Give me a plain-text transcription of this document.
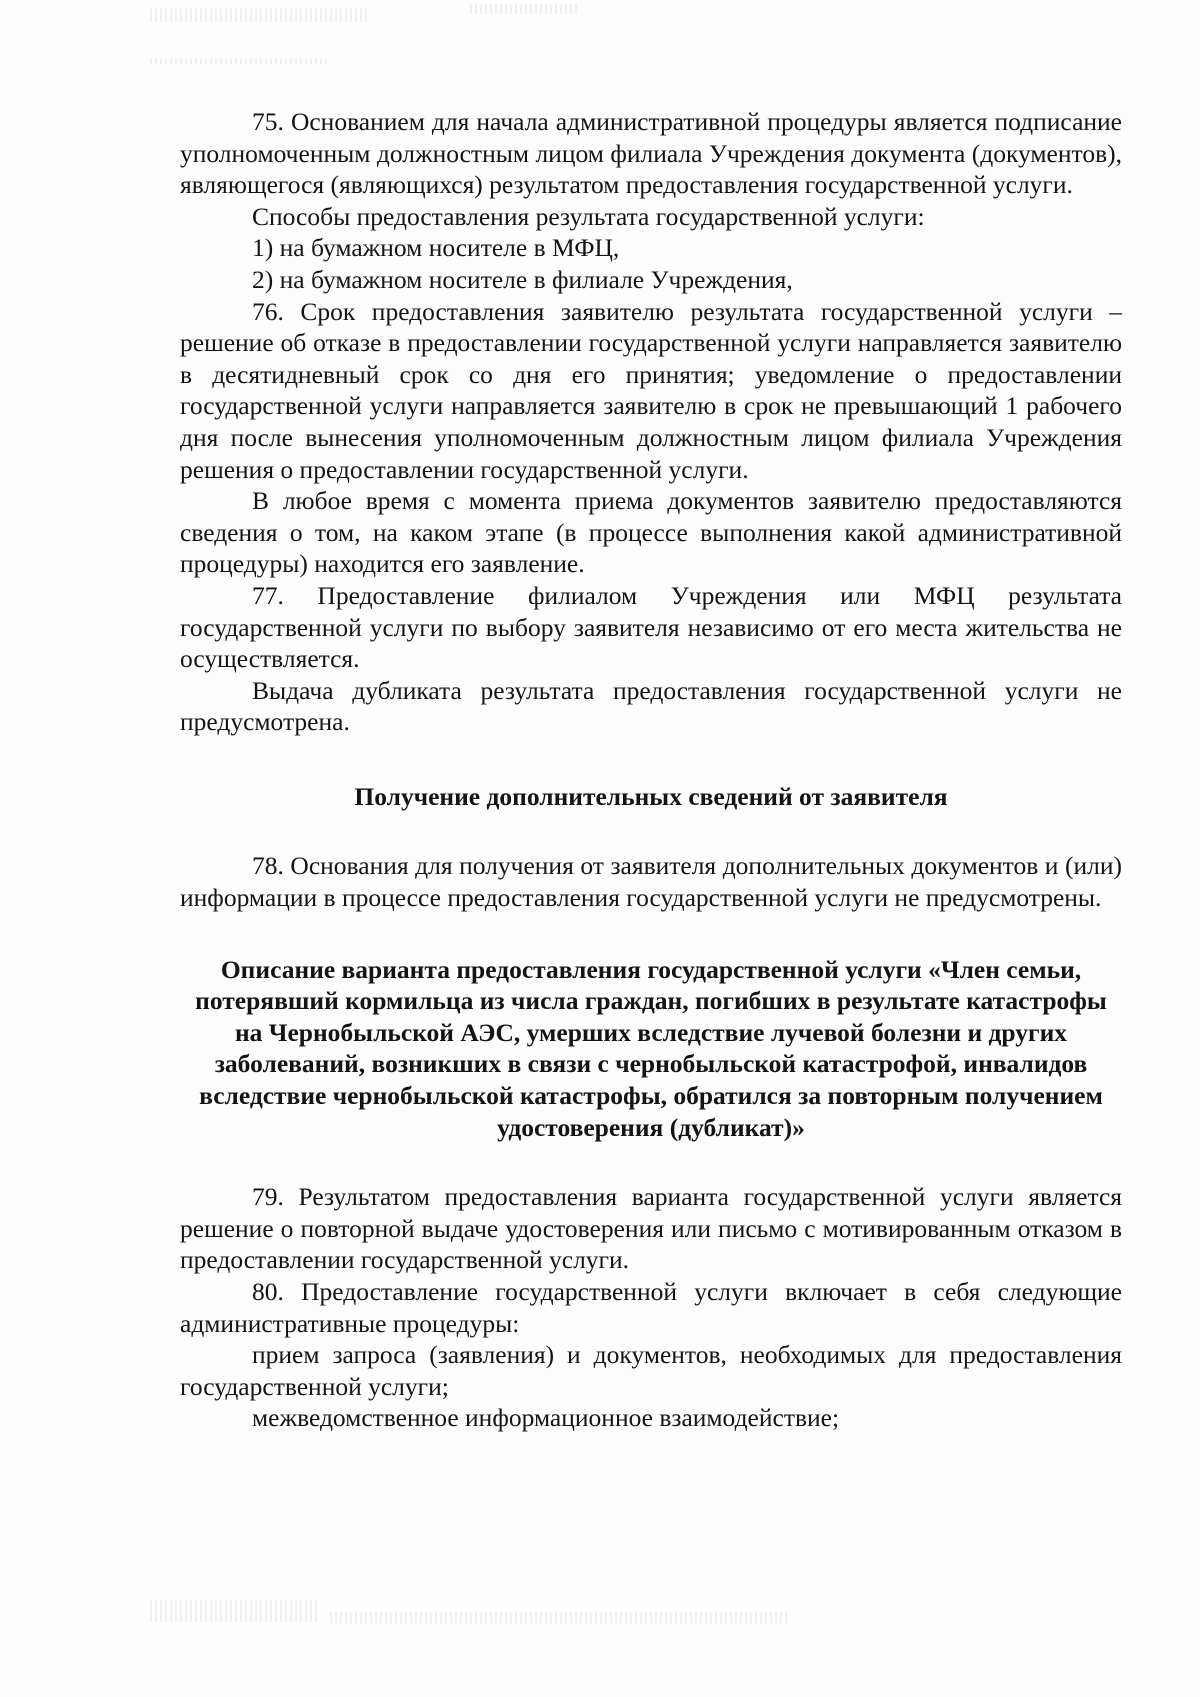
75. Основанием для начала административной процедуры является подписание уполномоченным должностным лицом филиала Учреждения документа (документов), являющегося (являющихся) результатом предоставления государственной услуги.

Способы предоставления результата государственной услуги:

1) на бумажном носителе в МФЦ,

2) на бумажном носителе в филиале Учреждения,

76. Срок предоставления заявителю результата государственной услуги – решение об отказе в предоставлении государственной услуги направляется заявителю в десятидневный срок со дня его принятия; уведомление о предоставлении государственной услуги направляется заявителю в срок не превышающий 1 рабочего дня после вынесения уполномоченным должностным лицом филиала Учреждения решения о предоставлении государственной услуги.

В любое время с момента приема документов заявителю предоставляются сведения о том, на каком этапе (в процессе выполнения какой административной процедуры) находится его заявление.

77. Предоставление филиалом Учреждения или МФЦ результата государственной услуги по выбору заявителя независимо от его места жительства не осуществляется.

Выдача дубликата результата предоставления государственной услуги не предусмотрена.

Получение дополнительных сведений от заявителя

78. Основания для получения от заявителя дополнительных документов и (или) информации в процессе предоставления государственной услуги не предусмотрены.

Описание варианта предоставления государственной услуги «Член семьи, потерявший кормильца из числа граждан, погибших в результате катастрофы на Чернобыльской АЭС, умерших вследствие лучевой болезни и других заболеваний, возникших в связи с чернобыльской катастрофой, инвалидов вследствие чернобыльской катастрофы, обратился за повторным получением удостоверения (дубликат)»

79. Результатом предоставления варианта государственной услуги является решение о повторной выдаче удостоверения или письмо с мотивированным отказом в предоставлении государственной услуги.

80. Предоставление государственной услуги включает в себя следующие административные процедуры:

прием запроса (заявления) и документов, необходимых для предоставления государственной услуги;

межведомственное информационное взаимодействие;
